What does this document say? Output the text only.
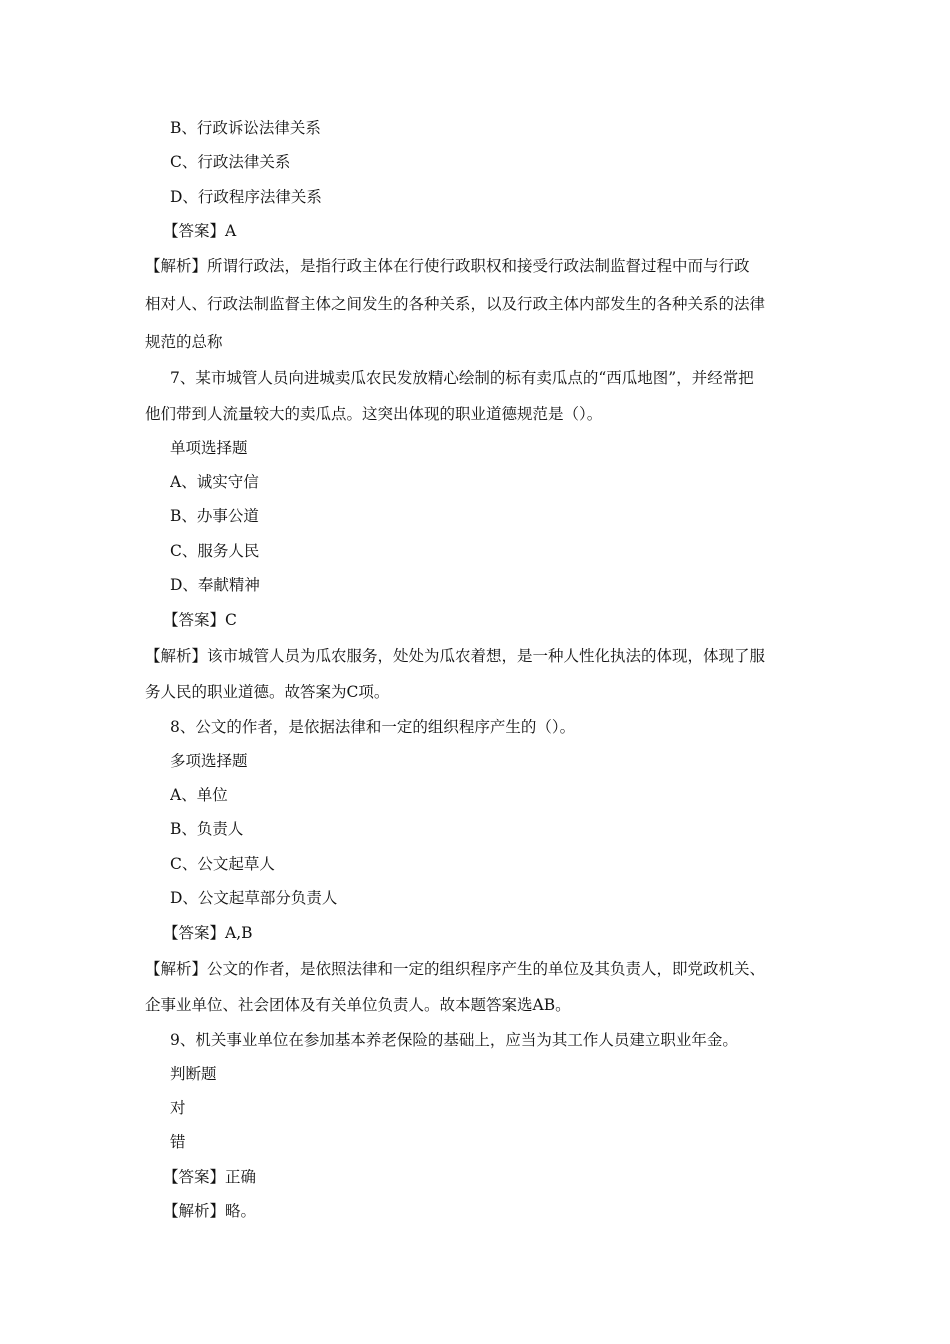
B、行政诉讼法律关系
C、行政法律关系
D、行政程序法律关系
【答案】A
【解析】所谓行政法，是指行政主体在行使行政职权和接受行政法制监督过程中而与行政
相对人、行政法制监督主体之间发生的各种关系，以及行政主体内部发生的各种关系的法律
规范的总称
7、某市城管人员向进城卖瓜农民发放精心绘制的标有卖瓜点的“西瓜地图”，并经常把
他们带到人流量较大的卖瓜点。这突出体现的职业道德规范是（）。
单项选择题
A、诚实守信
B、办事公道
C、服务人民
D、奉献精神
【答案】C
【解析】该市城管人员为瓜农服务，处处为瓜农着想，是一种人性化执法的体现，体现了服
务人民的职业道德。故答案为C项。
8、公文的作者，是依据法律和一定的组织程序产生的（）。
多项选择题
A、单位
B、负责人
C、公文起草人
D、公文起草部分负责人
【答案】A,B
【解析】公文的作者，是依照法律和一定的组织程序产生的单位及其负责人，即党政机关、
企事业单位、社会团体及有关单位负责人。故本题答案选AB。
9、机关事业单位在参加基本养老保险的基础上，应当为其工作人员建立职业年金。
判断题
对
错
【答案】正确
【解析】略。
